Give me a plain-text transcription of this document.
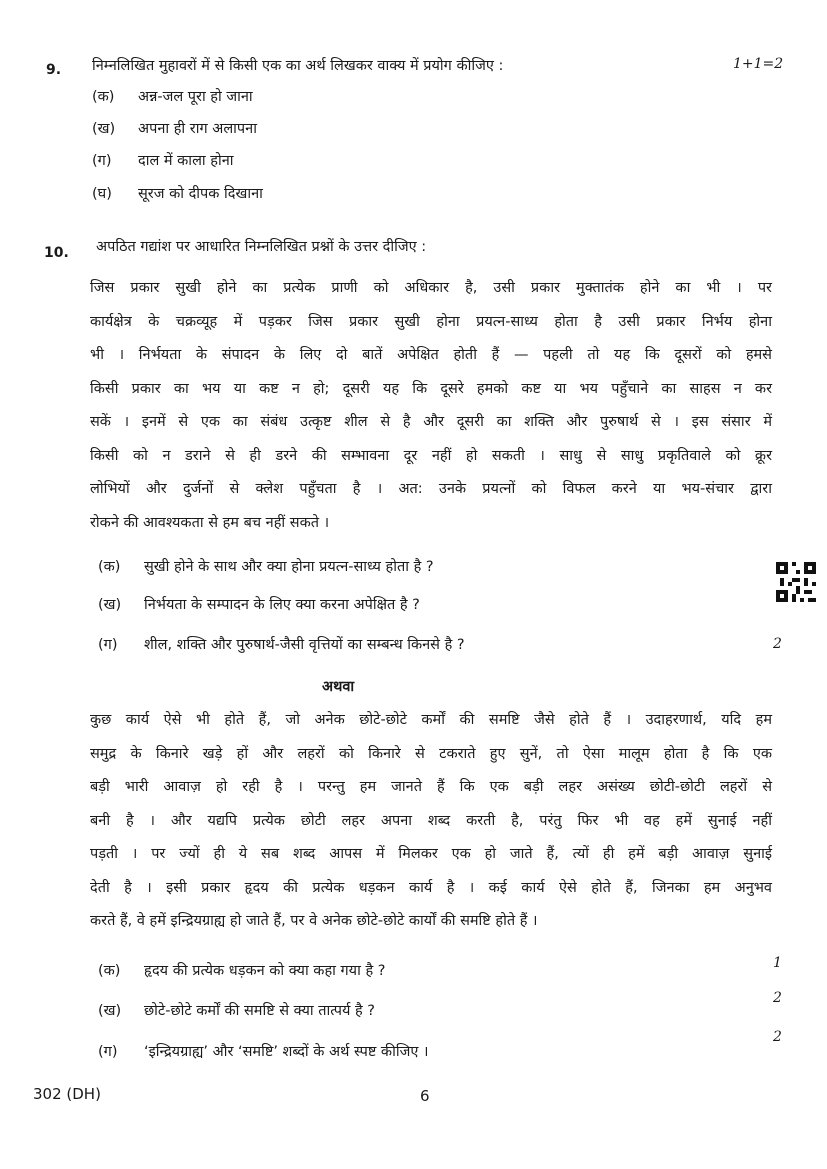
9. निम्नलिखित मुहावरों में से किसी एक का अर्थ लिखकर वाक्य में प्रयोग कीजिए :	1+1=2
(क) अन्न-जल पूरा हो जाना
(ख) अपना ही राग अलापना
(ग) दाल में काला होना
(घ) सूरज को दीपक दिखाना
10. अपठित गद्यांश पर आधारित निम्नलिखित प्रश्नों के उत्तर दीजिए :
जिस प्रकार सुखी होने का प्रत्येक प्राणी को अधिकार है, उसी प्रकार मुक्तातंक होने का भी । पर
कार्यक्षेत्र के चक्रव्यूह में पड़कर जिस प्रकार सुखी होना प्रयत्न-साध्य होता है उसी प्रकार निर्भय होना
भी । निर्भयता के संपादन के लिए दो बातें अपेक्षित होती हैं — पहली तो यह कि दूसरों को हमसे
किसी प्रकार का भय या कष्ट न हो; दूसरी यह कि दूसरे हमको कष्ट या भय पहुँचाने का साहस न कर
सकें । इनमें से एक का संबंध उत्कृष्ट शील से है और दूसरी का शक्ति और पुरुषार्थ से । इस संसार में
किसी को न डराने से ही डरने की सम्भावना दूर नहीं हो सकती । साधु से साधु प्रकृतिवाले को क्रूर
लोभियों और दुर्जनों से क्लेश पहुँचता है । अत: उनके प्रयत्नों को विफल करने या भय-संचार द्वारा
रोकने की आवश्यकता से हम बच नहीं सकते ।
(क) सुखी होने के साथ और क्या होना प्रयत्न-साध्य होता है ?
(ख) निर्भयता के सम्पादन के लिए क्या करना अपेक्षित है ?
(ग) शील, शक्ति और पुरुषार्थ-जैसी वृत्तियों का सम्बन्ध किनसे है ?	2
अथवा
कुछ कार्य ऐसे भी होते हैं, जो अनेक छोटे-छोटे कर्मों की समष्टि जैसे होते हैं । उदाहरणार्थ, यदि हम
समुद्र के किनारे खड़े हों और लहरों को किनारे से टकराते हुए सुनें, तो ऐसा मालूम होता है कि एक
बड़ी भारी आवाज़ हो रही है । परन्तु हम जानते हैं कि एक बड़ी लहर असंख्य छोटी-छोटी लहरों से
बनी है । और यद्यपि प्रत्येक छोटी लहर अपना शब्द करती है, परंतु फिर भी वह हमें सुनाई नहीं
पड़ती । पर ज्यों ही ये सब शब्द आपस में मिलकर एक हो जाते हैं, त्यों ही हमें बड़ी आवाज़ सुनाई
देती है । इसी प्रकार हृदय की प्रत्येक धड़कन कार्य है । कई कार्य ऐसे होते हैं, जिनका हम अनुभव
करते हैं, वे हमें इन्द्रियग्राह्य हो जाते हैं, पर वे अनेक छोटे-छोटे कार्यों की समष्टि होते हैं ।
(क) हृदय की प्रत्येक धड़कन को क्या कहा गया है ?	1
(ख) छोटे-छोटे कर्मों की समष्टि से क्या तात्पर्य है ?
2
(ग) ‘इन्द्रियग्राह्य’ और ‘समष्टि’ शब्दों के अर्थ स्पष्ट कीजिए ।
2
302 (DH)	6
